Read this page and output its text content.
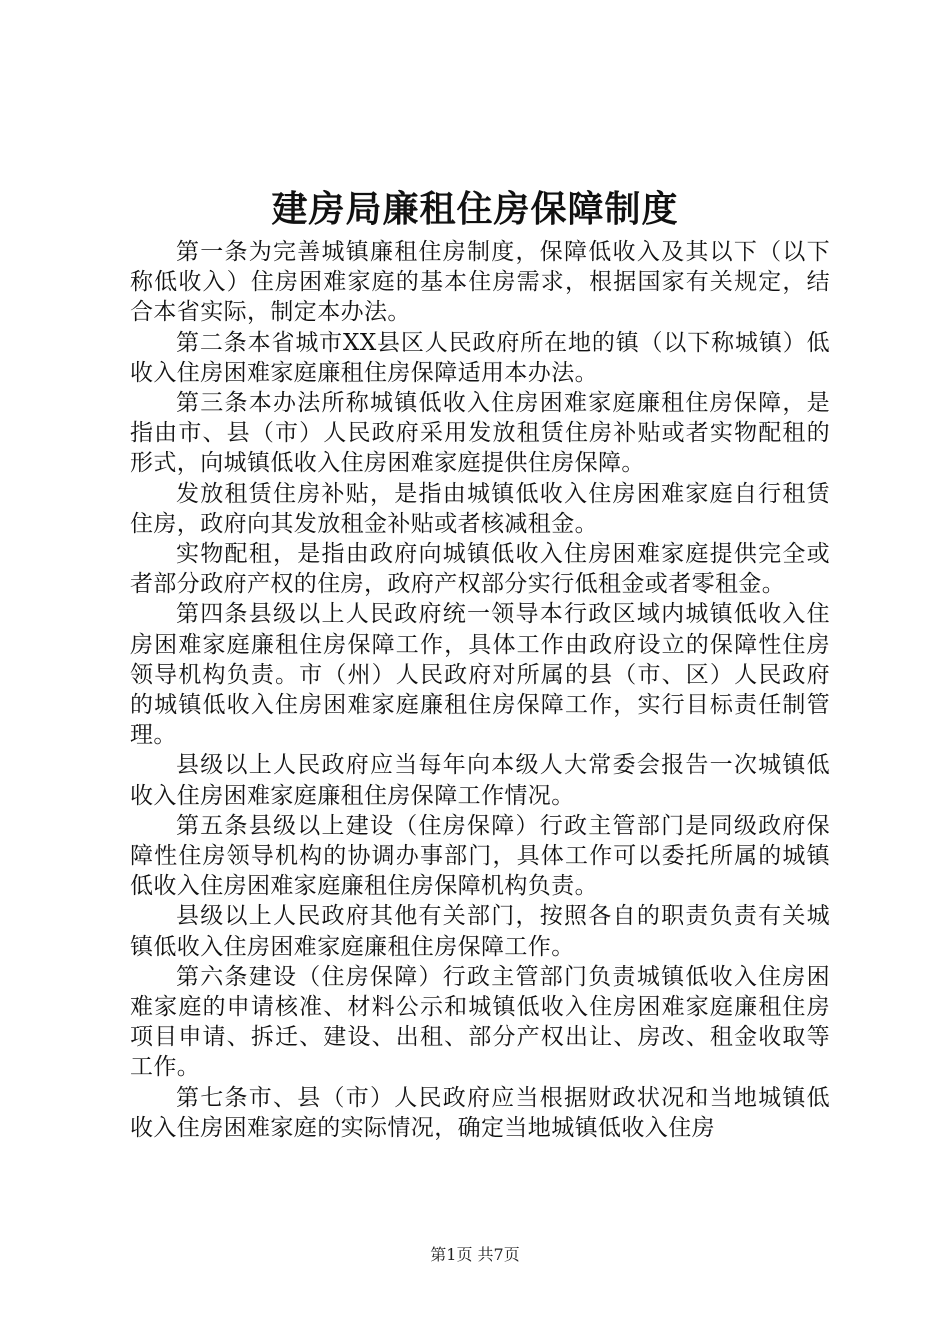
建房局廉租住房保障制度

第一条为完善城镇廉租住房制度，保障低收入及其以下（以下称低收入）住房困难家庭的基本住房需求，根据国家有关规定，结合本省实际，制定本办法。

第二条本省城市XX县区人民政府所在地的镇（以下称城镇）低收入住房困难家庭廉租住房保障适用本办法。

第三条本办法所称城镇低收入住房困难家庭廉租住房保障，是指由市、县（市）人民政府采用发放租赁住房补贴或者实物配租的形式，向城镇低收入住房困难家庭提供住房保障。

发放租赁住房补贴，是指由城镇低收入住房困难家庭自行租赁住房，政府向其发放租金补贴或者核减租金。

实物配租，是指由政府向城镇低收入住房困难家庭提供完全或者部分政府产权的住房，政府产权部分实行低租金或者零租金。

第四条县级以上人民政府统一领导本行政区域内城镇低收入住房困难家庭廉租住房保障工作，具体工作由政府设立的保障性住房领导机构负责。市（州）人民政府对所属的县（市、区）人民政府的城镇低收入住房困难家庭廉租住房保障工作，实行目标责任制管理。

县级以上人民政府应当每年向本级人大常委会报告一次城镇低收入住房困难家庭廉租住房保障工作情况。

第五条县级以上建设（住房保障）行政主管部门是同级政府保障性住房领导机构的协调办事部门，具体工作可以委托所属的城镇低收入住房困难家庭廉租住房保障机构负责。

县级以上人民政府其他有关部门，按照各自的职责负责有关城镇低收入住房困难家庭廉租住房保障工作。

第六条建设（住房保障）行政主管部门负责城镇低收入住房困难家庭的申请核准、材料公示和城镇低收入住房困难家庭廉租住房项目申请、拆迁、建设、出租、部分产权出让、房改、租金收取等工作。

第七条市、县（市）人民政府应当根据财政状况和当地城镇低收入住房困难家庭的实际情况，确定当地城镇低收入住房

第1页 共7页
